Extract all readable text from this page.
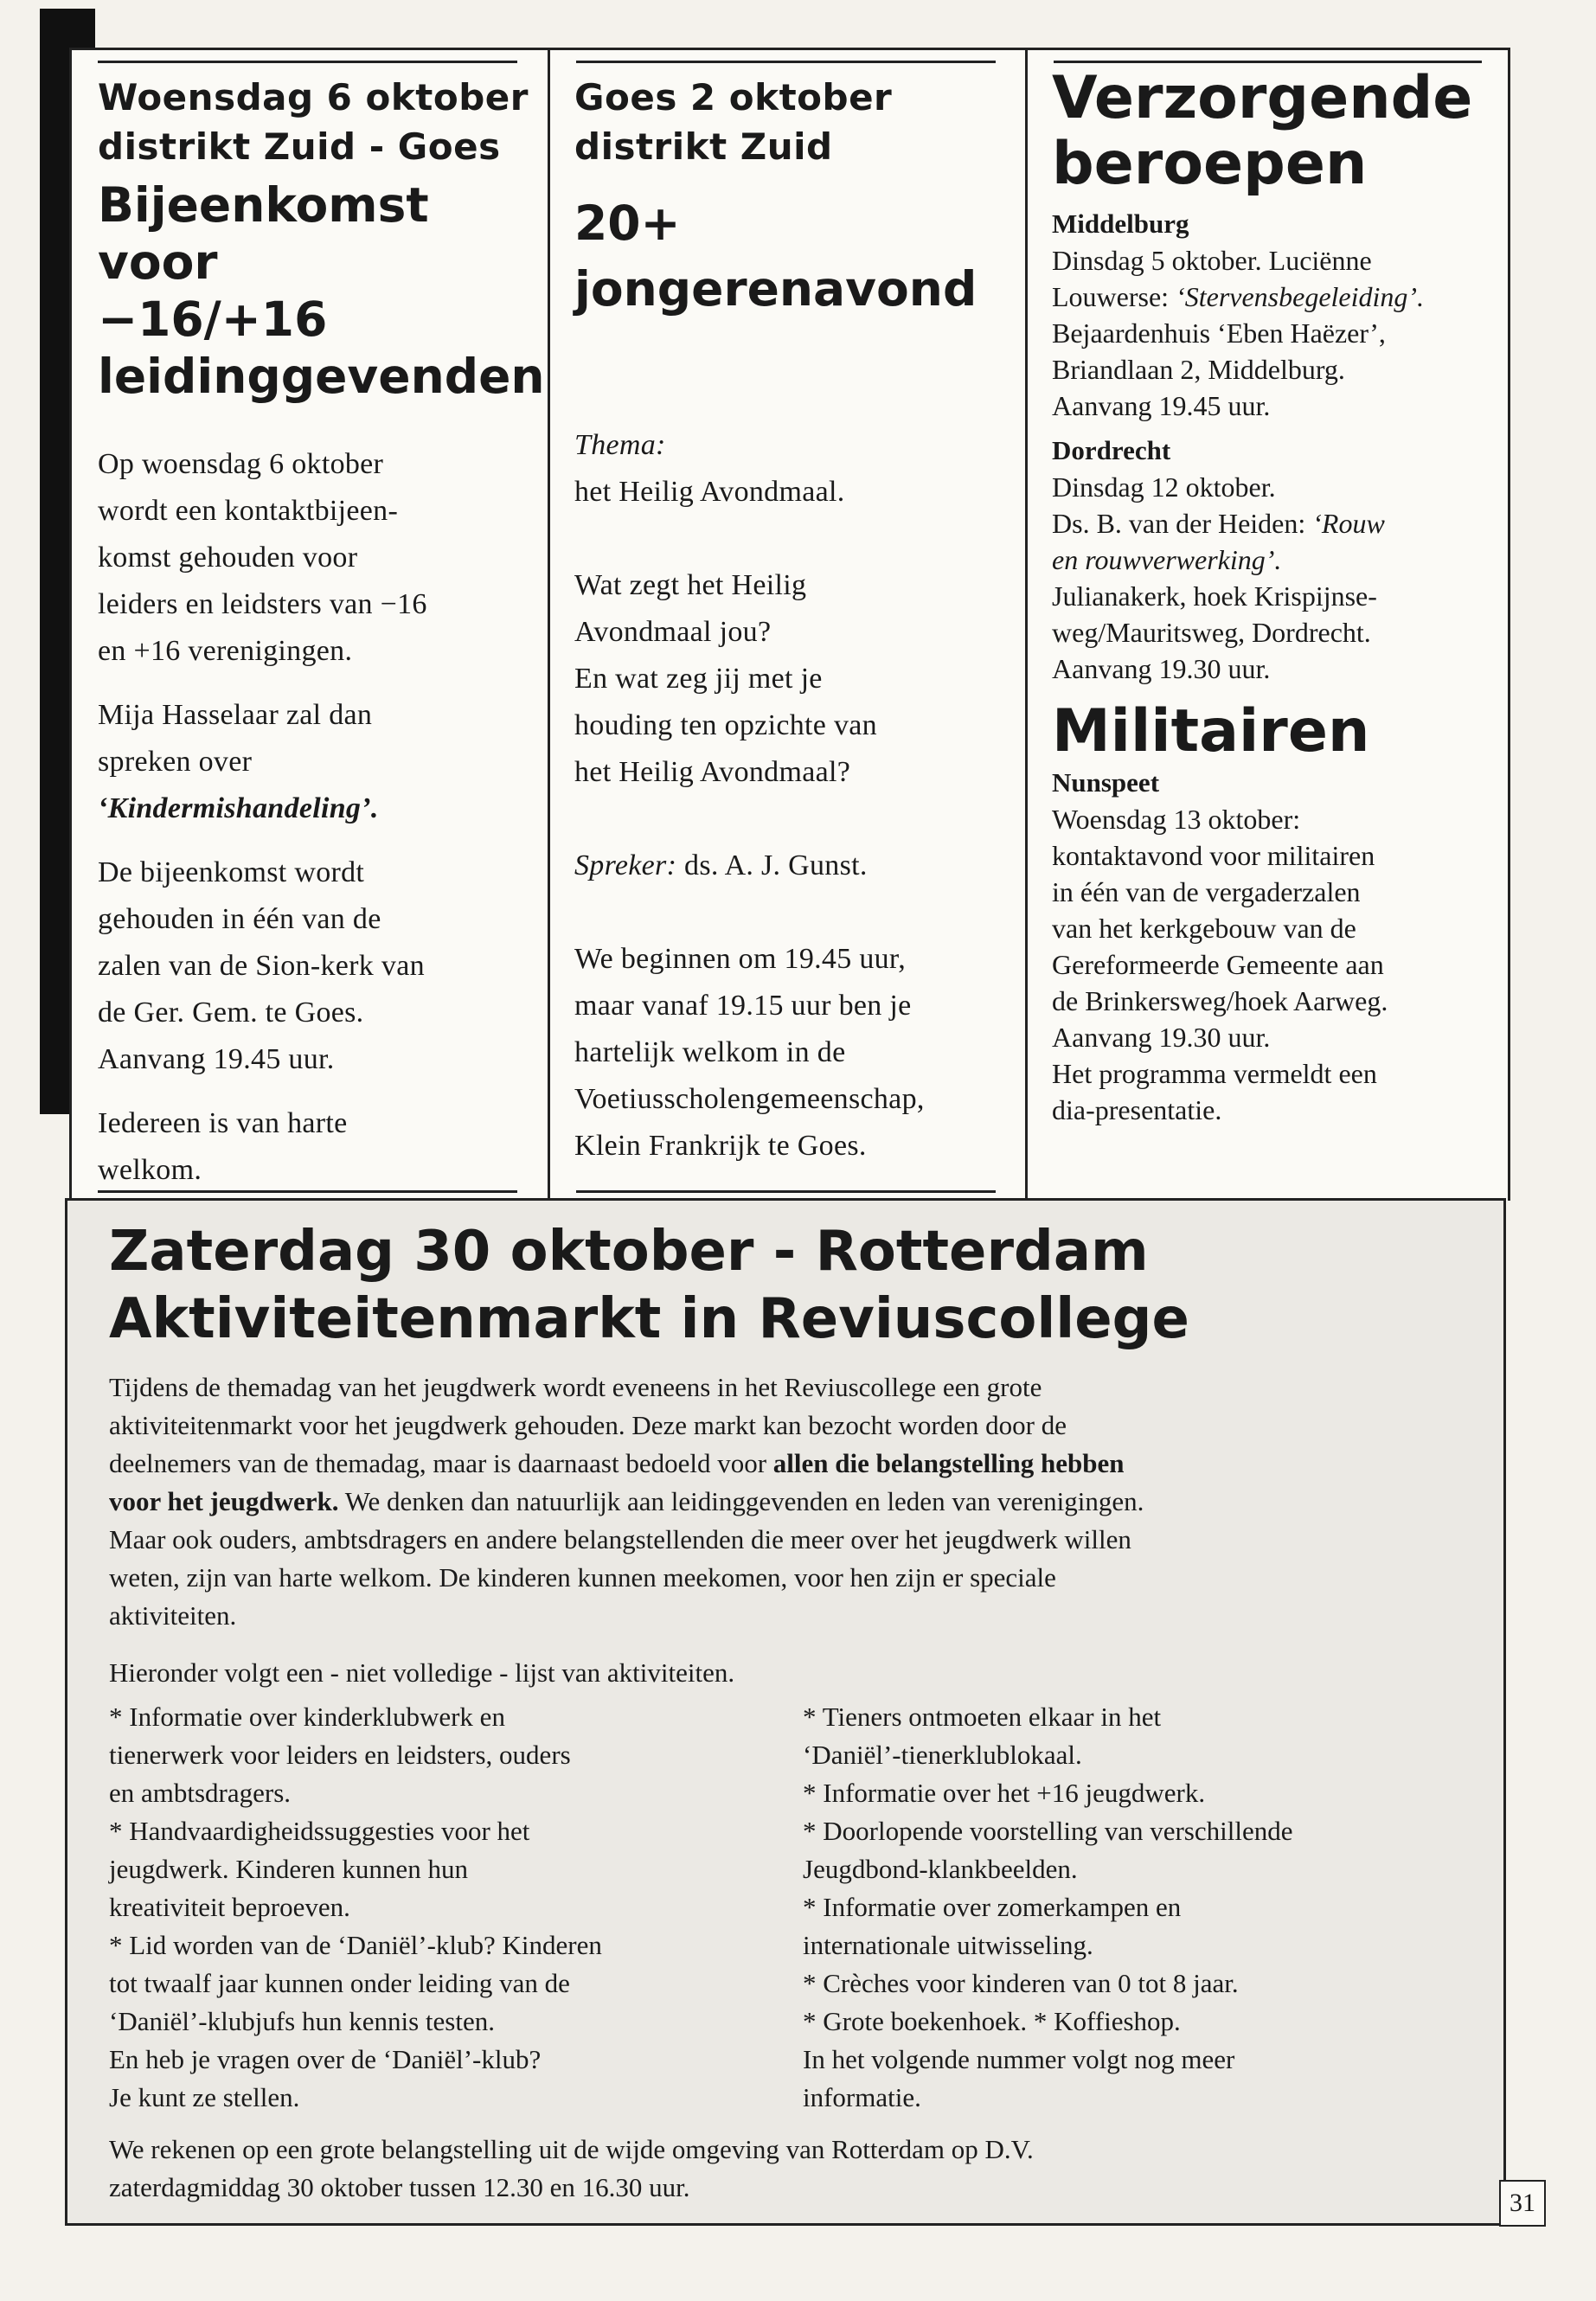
Woensdag 6 oktober
distrikt Zuid - Goes
Bijeenkomst voor
−16/+16
leidinggevenden
Op woensdag 6 oktober
wordt een kontaktbijeen-
komst gehouden voor
leiders en leidsters van −16
en +16 verenigingen.
Mija Hasselaar zal dan
spreken over
‘Kindermishandeling’.
De bijeenkomst wordt
gehouden in één van de
zalen van de Sion-kerk van
de Ger. Gem. te Goes.
Aanvang 19.45 uur.
Iedereen is van harte
welkom.
Goes 2 oktober
distrikt Zuid
20+
jongerenavond
Thema:
het Heilig Avondmaal.
Wat zegt het Heilig
Avondmaal jou?
En wat zeg jij met je
houding ten opzichte van
het Heilig Avondmaal?
Spreker: ds. A. J. Gunst.
We beginnen om 19.45 uur,
maar vanaf 19.15 uur ben je
hartelijk welkom in de
Voetiusscholengemeenschap,
Klein Frankrijk te Goes.
Verzorgende
beroepen
Middelburg
Dinsdag 5 oktober. Luciënne
Louwerse: ‘Stervensbegeleiding’.
Bejaardenhuis ‘Eben Haëzer’,
Briandlaan 2, Middelburg.
Aanvang 19.45 uur.
Dordrecht
Dinsdag 12 oktober.
Ds. B. van der Heiden: ‘Rouw
en rouwverwerking’.
Julianakerk, hoek Krispijnse-
weg/Mauritsweg, Dordrecht.
Aanvang 19.30 uur.
Militairen
Nunspeet
Woensdag 13 oktober:
kontaktavond voor militairen
in één van de vergaderzalen
van het kerkgebouw van de
Gereformeerde Gemeente aan
de Brinkersweg/hoek Aarweg.
Aanvang 19.30 uur.
Het programma vermeldt een
dia-presentatie.
Zaterdag 30 oktober - Rotterdam
Aktiviteitenmarkt in Reviuscollege
Tijdens de themadag van het jeugdwerk wordt eveneens in het Reviuscollege een grote
aktiviteitenmarkt voor het jeugdwerk gehouden. Deze markt kan bezocht worden door de
deelnemers van de themadag, maar is daarnaast bedoeld voor allen die belangstelling hebben
voor het jeugdwerk. We denken dan natuurlijk aan leidinggevenden en leden van verenigingen.
Maar ook ouders, ambtsdragers en andere belangstellenden die meer over het jeugdwerk willen
weten, zijn van harte welkom. De kinderen kunnen meekomen, voor hen zijn er speciale
aktiviteiten.
Hieronder volgt een - niet volledige - lijst van aktiviteiten.
* Informatie over kinderklubwerk en
tienerwerk voor leiders en leidsters, ouders
en ambtsdragers.
* Handvaardigheidssuggesties voor het
jeugdwerk. Kinderen kunnen hun
kreativiteit beproeven.
* Lid worden van de ‘Daniël’-klub? Kinderen
tot twaalf jaar kunnen onder leiding van de
‘Daniël’-klubjufs hun kennis testen.
En heb je vragen over de ‘Daniël’-klub?
Je kunt ze stellen.
* Tieners ontmoeten elkaar in het
‘Daniël’-tienerklublokaal.
* Informatie over het +16 jeugdwerk.
* Doorlopende voorstelling van verschillende
Jeugdbond-klankbeelden.
* Informatie over zomerkampen en
internationale uitwisseling.
* Crèches voor kinderen van 0 tot 8 jaar.
* Grote boekenhoek. * Koffieshop.
In het volgende nummer volgt nog meer
informatie.
We rekenen op een grote belangstelling uit de wijde omgeving van Rotterdam op D.V.
zaterdagmiddag 30 oktober tussen 12.30 en 16.30 uur.
31
